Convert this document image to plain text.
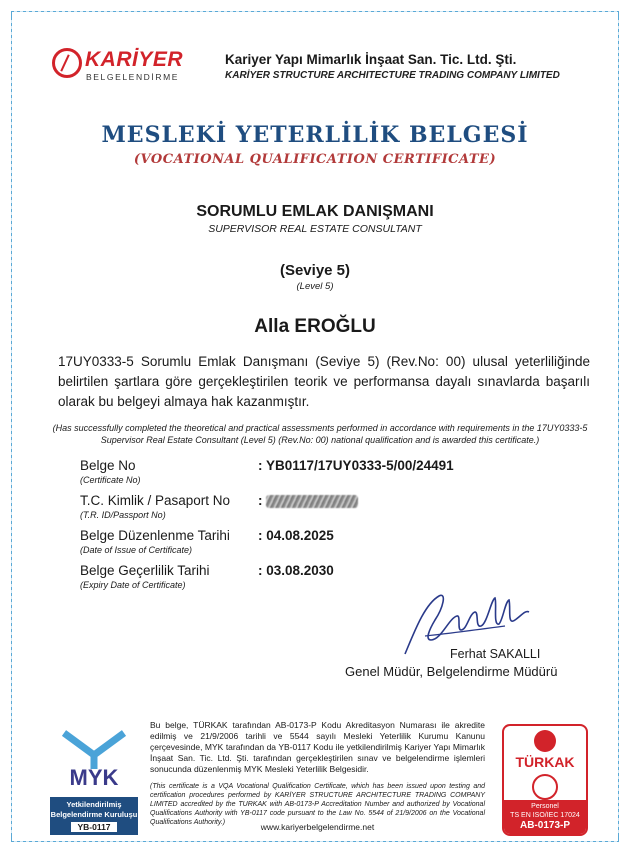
KARİYER
BELGELENDİRME
Kariyer Yapı Mimarlık İnşaat San. Tic. Ltd. Şti.
KARİYER STRUCTURE ARCHITECTURE TRADING COMPANY LIMITED
MESLEKİ YETERLİLİK BELGESİ
(VOCATIONAL QUALIFICATION CERTIFICATE)
SORUMLU EMLAK DANIŞMANI
SUPERVISOR REAL ESTATE CONSULTANT
(Seviye 5)
(Level 5)
Alla EROĞLU
17UY0333-5 Sorumlu Emlak Danışmanı (Seviye 5) (Rev.No: 00) ulusal yeterliliğinde belirtilen şartlara göre gerçekleştirilen teorik ve performansa dayalı sınavlarda başarılı olarak bu belgeyi almaya hak kazanmıştır.
(Has successfully completed the theoretical and practical assessments performed in accordance with requirements in the 17UY0333-5 Supervisor Real Estate Consultant (Level 5) (Rev.No: 00) national qualification and is awarded this certificate.)
Belge No
(Certificate No)
: YB0117/17UY0333-5/00/24491
T.C. Kimlik / Pasaport No
(T.R. ID/Passport No)
:
Belge Düzenlenme Tarihi
(Date of Issue of Certificate)
: 04.08.2025
Belge Geçerlilik Tarihi
(Expiry Date of Certificate)
: 03.08.2030
Ferhat SAKALLI
Genel Müdür, Belgelendirme Müdürü
MYK
Yetkilendirilmiş Belgelendirme Kuruluşu
YB-0117
Bu belge, TÜRKAK tarafından AB-0173-P Kodu Akreditasyon Numarası ile akredite edilmiş ve 21/9/2006 tarihli ve 5544 sayılı Mesleki Yeterlilik Kurumu Kanunu çerçevesinde, MYK tarafından da YB-0117 Kodu ile yetkilendirilmiş Kariyer Yapı Mimarlık İnşaat San. Tic. Ltd. Şti. tarafından gerçekleştirilen sınav ve belgelendirme işlemleri sonucunda düzenlenmiş MYK Mesleki Yeterlilik Belgesidir.
(This certificate is a VQA Vocational Qualification Certificate, which has been issued upon testing and certification procedures performed by KARİYER STRUCTURE ARCHITECTURE TRADING COMPANY LIMITED accredited by the TURKAK with AB-0173-P Accreditation Number and authorized by Vocational Qualifications Authority with YB-0117 code pursuant to the Law No. 5544 of 21/9/2006 on the Vocational Qualifications Authority.)	www.kariyerbelgelendirme.net
TÜRKAK
Personel
TS EN ISO/IEC 17024
AB-0173-P
